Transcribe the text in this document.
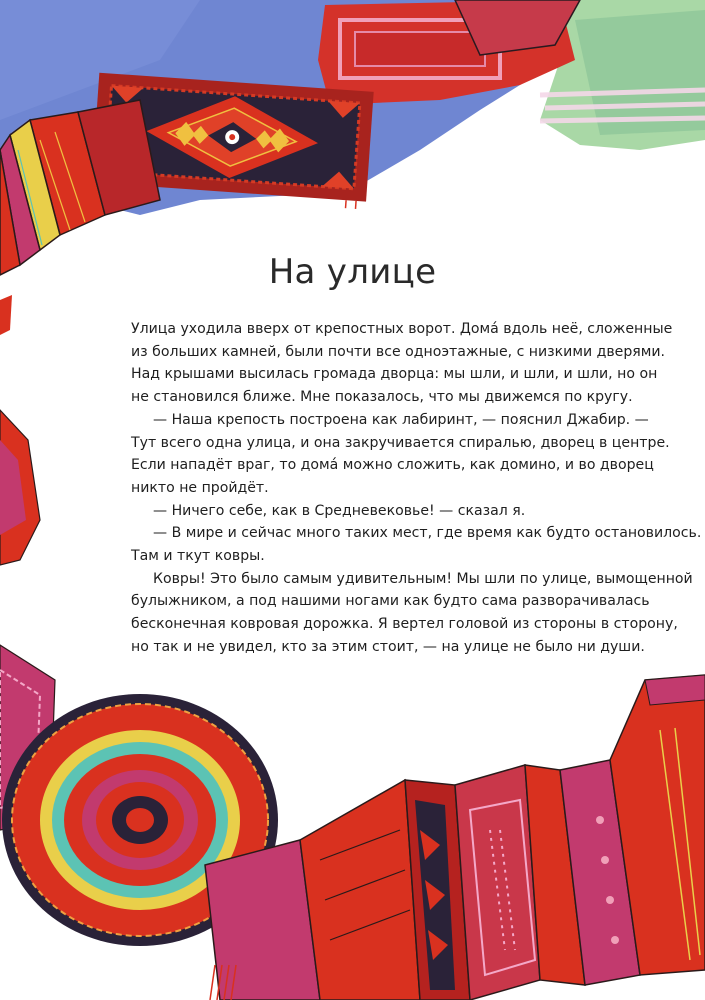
На улице

Улица уходила вверх от крепостных ворот. Домá вдоль неё, сложенные

из больших камней, были почти все одноэтажные, с низкими дверями.

Над крышами высилась громада дворца: мы шли, и шли, и шли, но он

не становился ближе. Мне показалось, что мы движемся по кругу.

— Наша крепость построена как лабиринт, — пояснил Джабир. —

Тут всего одна улица, и она закручивается спиралью, дворец в центре.

Если нападёт враг, то домá можно сложить, как домино, и во дворец

никто не пройдёт.

— Ничего себе, как в Средневековье! — сказал я.

— В мире и сейчас много таких мест, где время как будто остановилось.

Там и ткут ковры.

Ковры! Это было самым удивительным! Мы шли по улице, вымощенной

булыжником, а под нашими ногами как будто сама разворачивалась

бесконечная ковровая дорожка. Я вертел головой из стороны в сторону,

но так и не увидел, кто за этим стоит, — на улице не было ни души.
